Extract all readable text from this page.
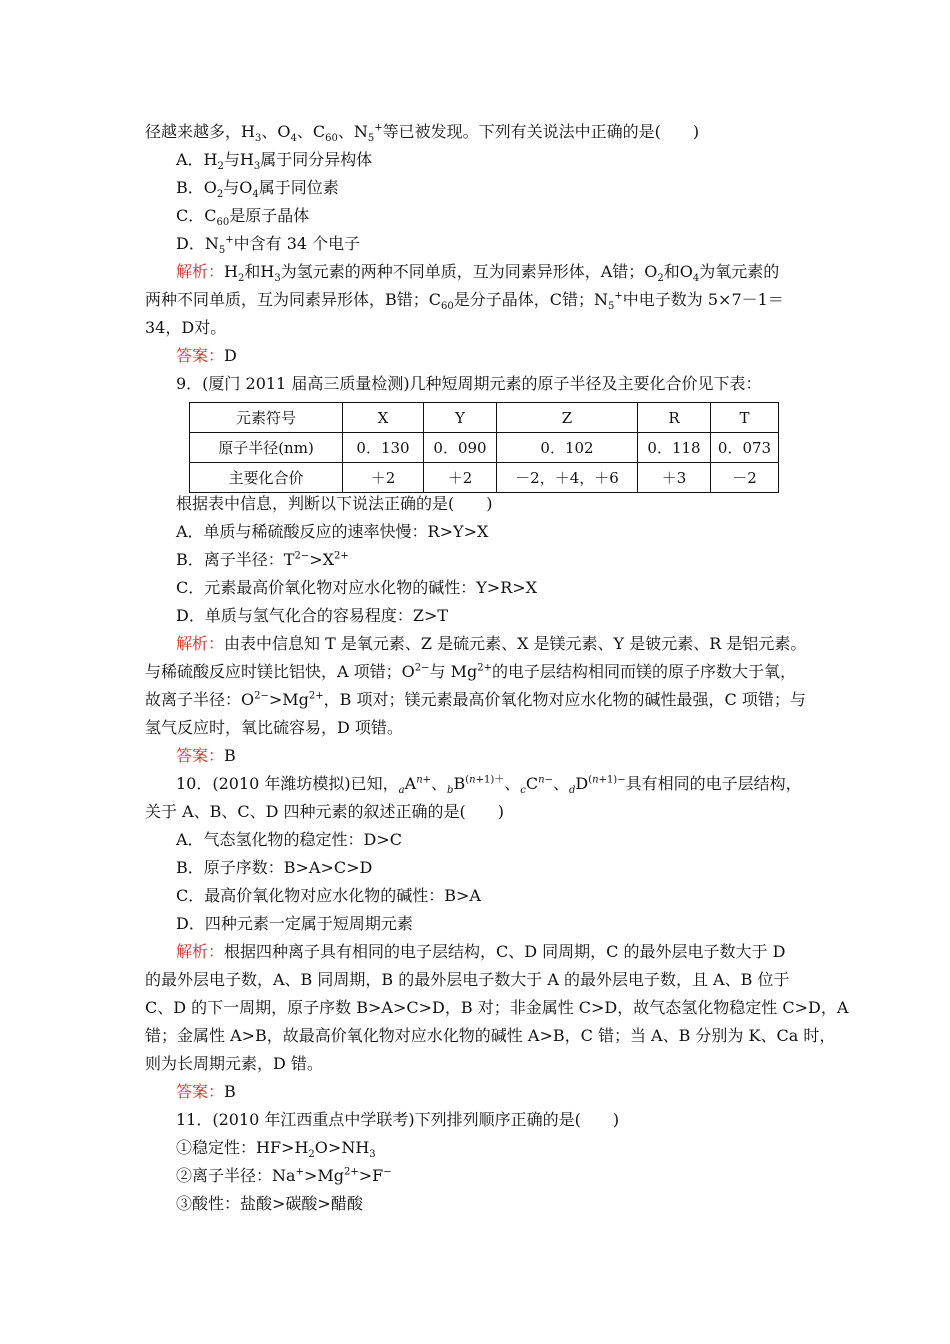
径越来越多，$H_3$、$O_4$、$C_{60}$、$N_5^+$等已被发现。下列有关说法中正确的是(　　)
A．$H_2$与$H_3$属于同分异构体
B．$O_2$与$O_4$属于同位素
C．$C_{60}$是原子晶体
D．$N_5^+$中含有 34 个电子
解析：$H_2$和$H_3$为氢元素的两种不同单质，互为同素异形体，A错；$O_2$和$O_4$为氧元素的
两种不同单质，互为同素异形体，B错；$C_{60}$是分子晶体，C错；$N_5^+$中电子数为 5×7－1＝
34，D对。
答案：D
9．(厦门 2011 届高三质量检测)几种短周期元素的原子半径及主要化合价见下表：
元素符号	X	Y	Z	R	T
原子半径(nm)	0．130	0．090	0．102	0．118	0．073
主要化合价	＋2	＋2	－2，＋4，＋6	＋3	－2
根据表中信息，判断以下说法正确的是(　　)
A．单质与稀硫酸反应的速率快慢：R>Y>X
B．离子半径：$T^{2-}>X^{2+}$
C．元素最高价氧化物对应水化物的碱性：Y>R>X
D．单质与氢气化合的容易程度：Z>T
解析：由表中信息知 T 是氧元素、Z 是硫元素、X 是镁元素、Y 是铍元素、R 是铝元素。
与稀硫酸反应时镁比铝快，A 项错；$O^{2-}$与 $Mg^{2+}$的电子层结构相同而镁的原子序数大于氧，
故离子半径：$O^{2-}>Mg^{2+}$，B 项对；镁元素最高价氧化物对应水化物的碱性最强，C 项错；与
氢气反应时，氧比硫容易，D 项错。
答案：B
10．(2010 年潍坊模拟)已知，$_aA^{n+}$、$_bB^{(n+1)+}$、$_cC^{n-}$、$_dD^{(n+1)-}$具有相同的电子层结构，
关于 A、B、C、D 四种元素的叙述正确的是(　　)
A．气态氢化物的稳定性：D>C
B．原子序数：B>A>C>D
C．最高价氧化物对应水化物的碱性：B>A
D．四种元素一定属于短周期元素
解析：根据四种离子具有相同的电子层结构，C、D 同周期，C 的最外层电子数大于 D
的最外层电子数，A、B 同周期，B 的最外层电子数大于 A 的最外层电子数，且 A、B 位于
C、D 的下一周期，原子序数 B>A>C>D，B 对；非金属性 C>D，故气态氢化物稳定性 C>D，A
错；金属性 A>B，故最高价氧化物对应水化物的碱性 A>B，C 错；当 A、B 分别为 K、Ca 时，
则为长周期元素，D 错。
答案：B
11．(2010 年江西重点中学联考)下列排列顺序正确的是(　　)
①稳定性：$HF>H_2O>NH_3$
②离子半径：$Na^+>Mg^{2+}>F^-$
③酸性：盐酸>碳酸>醋酸
